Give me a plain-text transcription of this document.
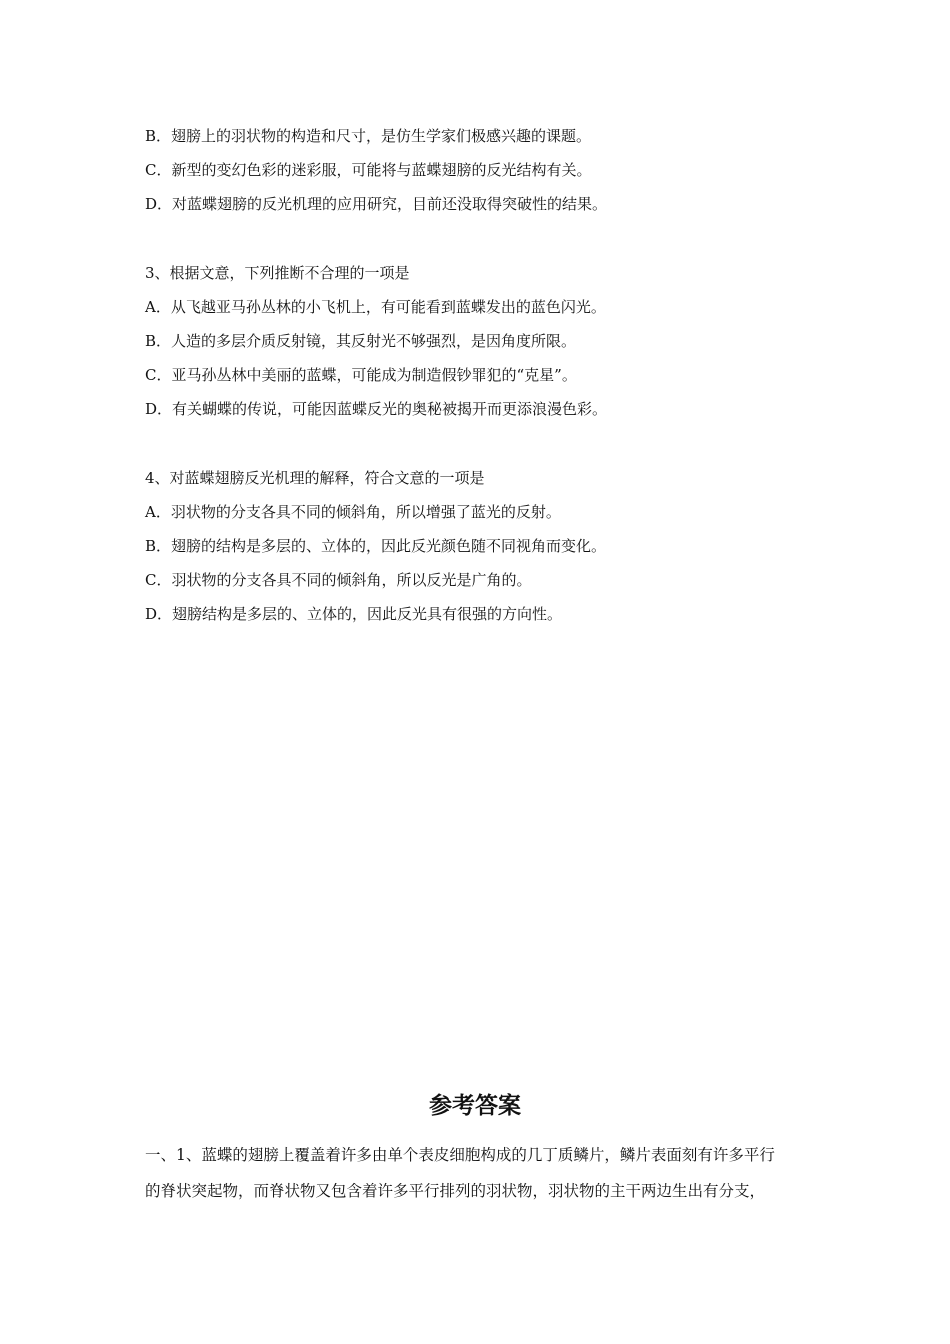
B．翅膀上的羽状物的构造和尺寸，是仿生学家们极感兴趣的课题。
C．新型的变幻色彩的迷彩服，可能将与蓝蝶翅膀的反光结构有关。
D．对蓝蝶翅膀的反光机理的应用研究，目前还没取得突破性的结果。
3、根据文意，下列推断不合理的一项是
A．从飞越亚马孙丛林的小飞机上，有可能看到蓝蝶发出的蓝色闪光。
B．人造的多层介质反射镜，其反射光不够强烈，是因角度所限。
C．亚马孙丛林中美丽的蓝蝶，可能成为制造假钞罪犯的“克星”。
D．有关蝴蝶的传说，可能因蓝蝶反光的奥秘被揭开而更添浪漫色彩。
4、对蓝蝶翅膀反光机理的解释，符合文意的一项是
A．羽状物的分支各具不同的倾斜角，所以增强了蓝光的反射。
B．翅膀的结构是多层的、立体的，因此反光颜色随不同视角而变化。
C．羽状物的分支各具不同的倾斜角，所以反光是广角的。
D．翅膀结构是多层的、立体的，因此反光具有很强的方向性。
参考答案
一、1、蓝蝶的翅膀上覆盖着许多由单个表皮细胞构成的几丁质鳞片，鳞片表面刻有许多平行
的脊状突起物，而脊状物又包含着许多平行排列的羽状物，羽状物的主干两边生出有分支，
